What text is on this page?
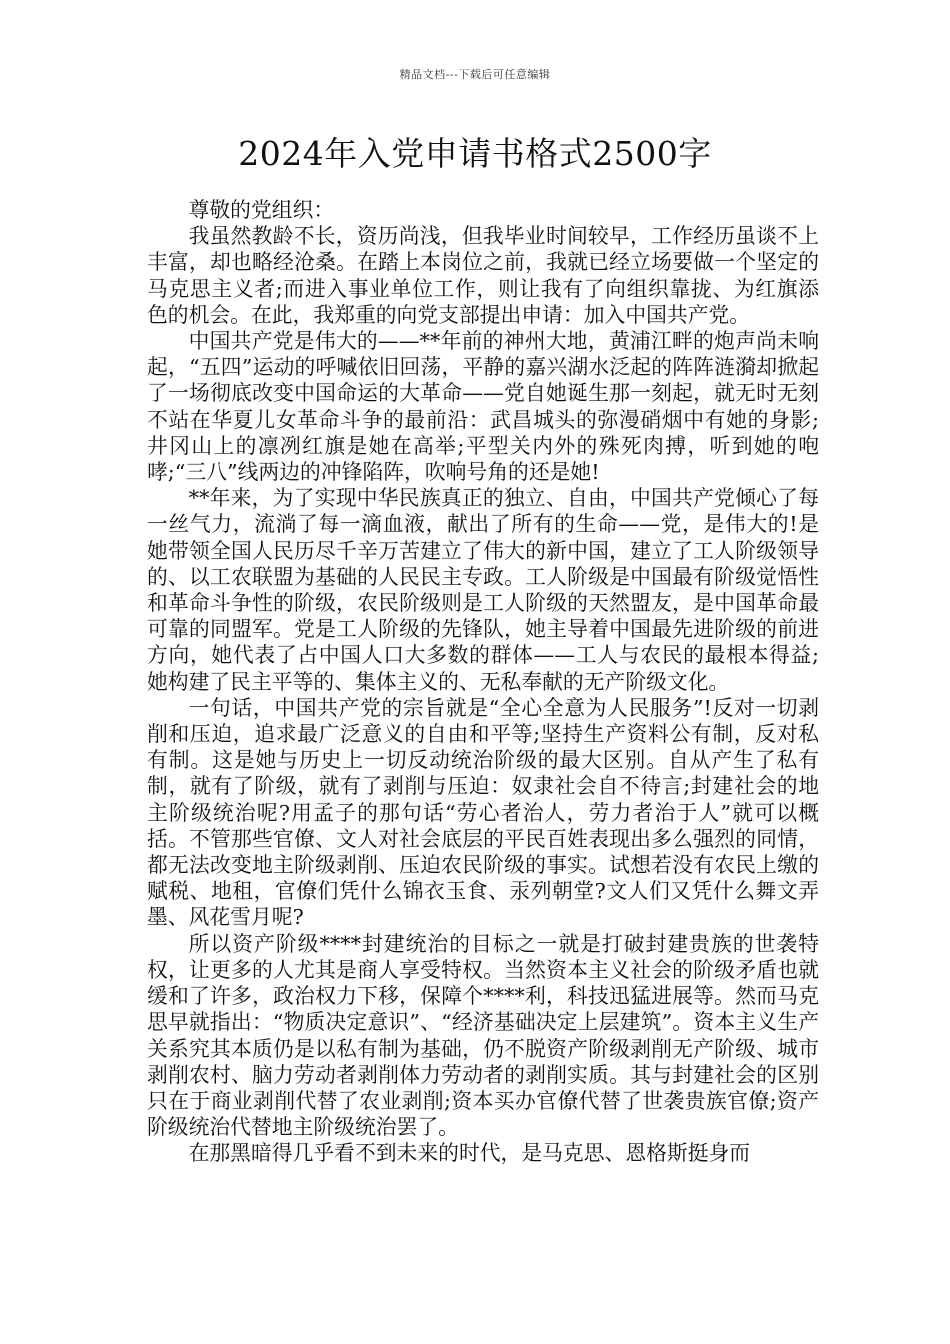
精品文档---下载后可任意编辑
2024年入党申请书格式2500字

尊敬的党组织：

我虽然教龄不长，资历尚浅，但我毕业时间较早，工作经历虽谈不上丰富，却也略经沧桑。在踏上本岗位之前，我就已经立场要做一个坚定的马克思主义者;而进入事业单位工作，则让我有了向组织靠拢、为红旗添色的机会。在此，我郑重的向党支部提出申请：加入中国共产党。

中国共产党是伟大的——**年前的神州大地，黄浦江畔的炮声尚未响起，“五四”运动的呼喊依旧回荡，平静的嘉兴湖水泛起的阵阵涟漪却掀起了一场彻底改变中国命运的大革命——党自她诞生那一刻起，就无时无刻不站在华夏儿女革命斗争的最前沿：武昌城头的弥漫硝烟中有她的身影;井冈山上的凛冽红旗是她在高举;平型关内外的殊死肉搏，听到她的咆哮;“三八”线两边的冲锋陷阵，吹响号角的还是她!

**年来，为了实现中华民族真正的独立、自由，中国共产党倾心了每一丝气力，流淌了每一滴血液，献出了所有的生命——党，是伟大的!是她带领全国人民历尽千辛万苦建立了伟大的新中国，建立了工人阶级领导的、以工农联盟为基础的人民民主专政。工人阶级是中国最有阶级觉悟性和革命斗争性的阶级，农民阶级则是工人阶级的天然盟友，是中国革命最可靠的同盟军。党是工人阶级的先锋队，她主导着中国最先进阶级的前进方向，她代表了占中国人口大多数的群体——工人与农民的最根本得益;她构建了民主平等的、集体主义的、无私奉献的无产阶级文化。

一句话，中国共产党的宗旨就是“全心全意为人民服务”!反对一切剥削和压迫，追求最广泛意义的自由和平等;坚持生产资料公有制，反对私有制。这是她与历史上一切反动统治阶级的最大区别。自从产生了私有制，就有了阶级，就有了剥削与压迫：奴隶社会自不待言;封建社会的地主阶级统治呢?用孟子的那句话“劳心者治人，劳力者治于人”就可以概括。不管那些官僚、文人对社会底层的平民百姓表现出多么强烈的同情，都无法改变地主阶级剥削、压迫农民阶级的事实。试想若没有农民上缴的赋税、地租，官僚们凭什么锦衣玉食、汞列朝堂?文人们又凭什么舞文弄墨、风花雪月呢?

所以资产阶级****封建统治的目标之一就是打破封建贵族的世袭特权，让更多的人尤其是商人享受特权。当然资本主义社会的阶级矛盾也就缓和了许多，政治权力下移，保障个****利，科技迅猛进展等。然而马克思早就指出：“物质决定意识”、“经济基础决定上层建筑”。资本主义生产关系究其本质仍是以私有制为基础，仍不脱资产阶级剥削无产阶级、城市剥削农村、脑力劳动者剥削体力劳动者的剥削实质。其与封建社会的区别只在于商业剥削代替了农业剥削;资本买办官僚代替了世袭贵族官僚;资产阶级统治代替地主阶级统治罢了。

在那黑暗得几乎看不到未来的时代，是马克思、恩格斯挺身而
